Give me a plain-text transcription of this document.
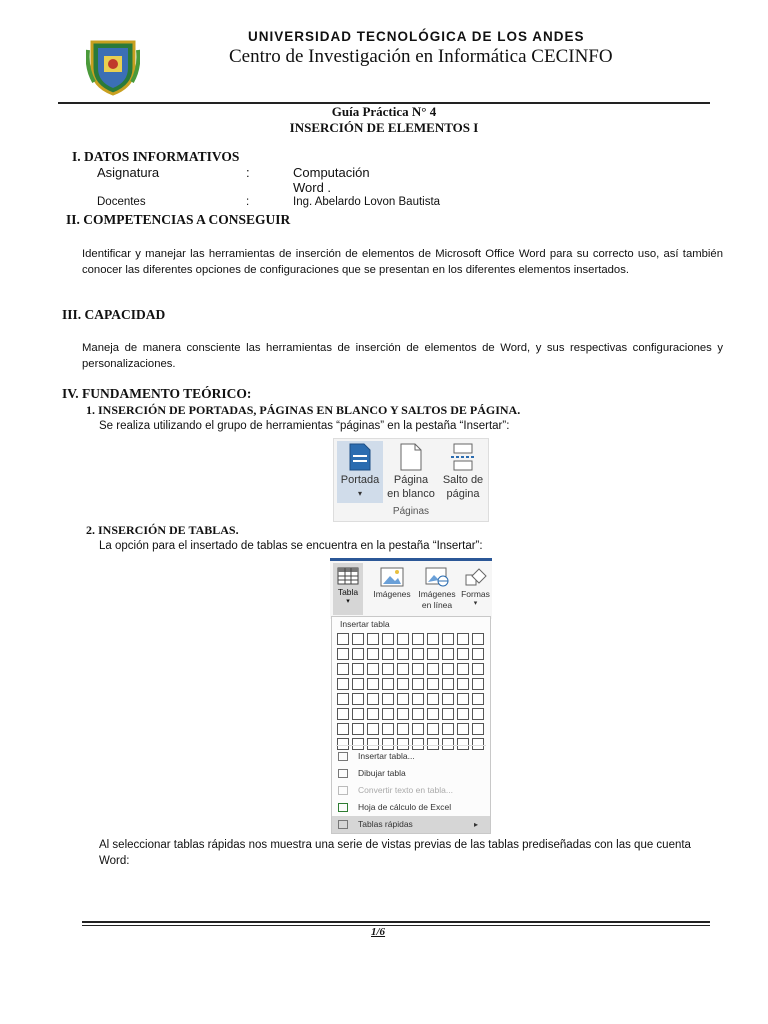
UNIVERSIDAD TECNOLÓGICA DE LOS ANDES
Centro de Investigación en Informática CECINFO
Guía Práctica N° 4
INSERCIÓN DE ELEMENTOS I
I. DATOS INFORMATIVOS
Asignatura	:	Computación
Word .
Docentes	:	Ing. Abelardo Lovon Bautista
II. COMPETENCIAS A CONSEGUIR
Identificar y manejar las herramientas de inserción de elementos de Microsoft Office Word para su correcto uso, así también conocer las diferentes opciones de configuraciones que se presentan en los diferentes elementos insertados.
III. CAPACIDAD
Maneja de manera consciente las herramientas de inserción de elementos de Word, y sus respectivas configuraciones y personalizaciones.
IV. FUNDAMENTO TEÓRICO:
1. INSERCIÓN DE PORTADAS, PÁGINAS EN BLANCO Y SALTOS DE PÁGINA.
Se realiza utilizando el grupo de herramientas “páginas” en la pestaña “Insertar”:
Portada
▾
Página
en blanco
Salto de
página
Páginas
2. INSERCIÓN DE TABLAS.
La opción para el insertado de tablas se encuentra en la pestaña “Insertar”:
Tabla
▾
Imágenes Imágenes
en línea
Formas
▾
Insertar tabla
Insertar tabla...
Dibujar tabla
Convertir texto en tabla...
Hoja de cálculo de Excel
Tablas rápidas	▸
Al seleccionar tablas rápidas nos muestra una serie de vistas previas de las tablas prediseñadas con las que cuenta Word:
1/6
